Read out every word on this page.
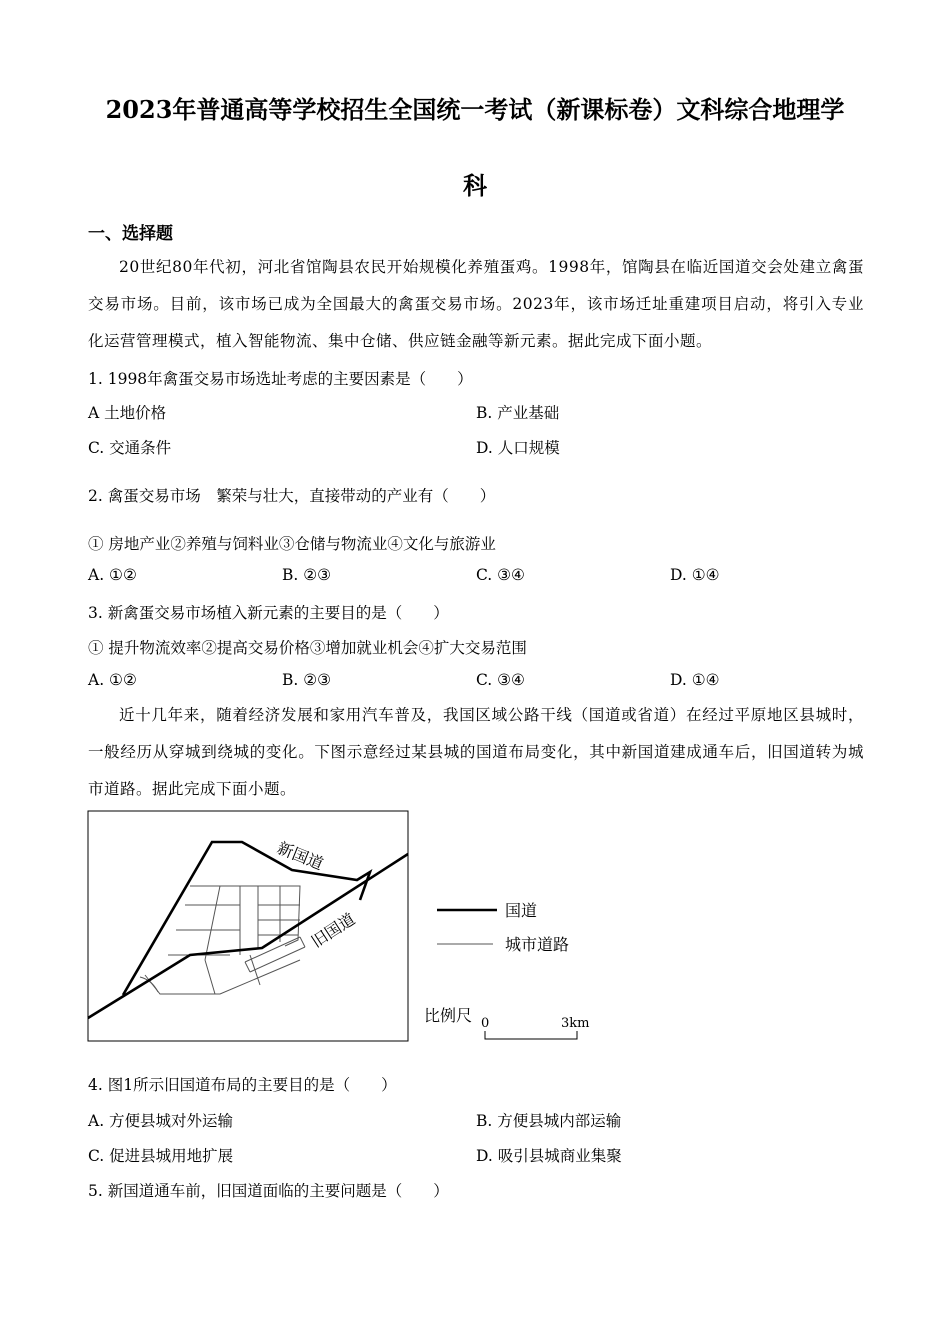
2023年普通高等学校招生全国统一考试（新课标卷）文科综合地理学
科
一、选择题
20世纪80年代初，河北省馆陶县农民开始规模化养殖蛋鸡。1998年，馆陶县在临近国道交会处建立禽蛋交易市场。目前，该市场已成为全国最大的禽蛋交易市场。2023年，该市场迁址重建项目启动，将引入专业化运营管理模式，植入智能物流、集中仓储、供应链金融等新元素。据此完成下面小题。
1. 1998年禽蛋交易市场选址考虑的主要因素是（　　）
A 土地价格	B. 产业基础
C. 交通条件	D. 人口规模
2. 禽蛋交易市场　繁荣与壮大，直接带动的产业有（　　）
① 房地产业②养殖与饲料业③仓储与物流业④文化与旅游业
A. ①②	B. ②③	C. ③④	D. ①④
3. 新禽蛋交易市场植入新元素的主要目的是（　　）
① 提升物流效率②提高交易价格③增加就业机会④扩大交易范围
A. ①②	B. ②③	C. ③④	D. ①④
近十几年来，随着经济发展和家用汽车普及，我国区域公路干线（国道或省道）在经过平原地区县城时，一般经历从穿城到绕城的变化。下图示意经过某县城的国道布局变化，其中新国道建成通车后，旧国道转为城市道路。据此完成下面小题。
新国道
旧国道	国道
城市道路
比例尺 0	3km
4. 图1所示旧国道布局的主要目的是（　　）
A. 方便县城对外运输	B. 方便县城内部运输
C. 促进县城用地扩展	D. 吸引县城商业集聚
5. 新国道通车前，旧国道面临的主要问题是（　　）
